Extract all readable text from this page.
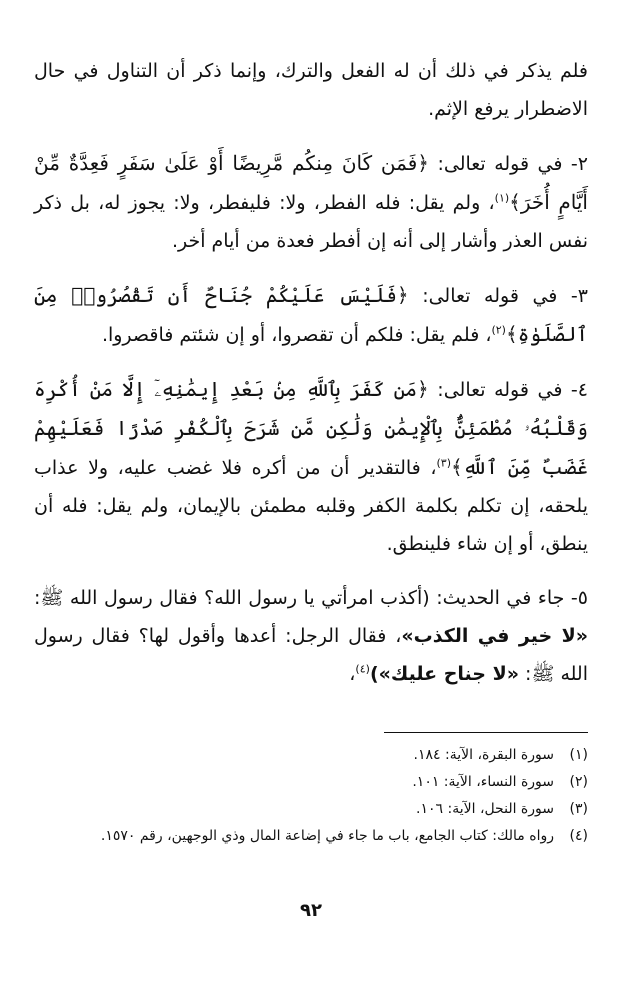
فلم يذكر في ذلك أن له الفعل والترك، وإنما ذكر أن التناول في حال الاضطرار يرفع الإثم.

٢- في قوله تعالى: ﴿فَمَن كَانَ مِنكُم مَّرِيضًا أَوْ عَلَىٰ سَفَرٍ فَعِدَّةٌ مِّنْ أَيَّامٍ أُخَرَ﴾$^{(١)}$، ولم يقل: فله الفطر، ولا: فليفطر، ولا: يجوز له، بل ذكر نفس العذر وأشار إلى أنه إن أفطر فعدة من أيام أخر.

٣- في قوله تعالى: ﴿فَلَيْسَ عَلَيْكُمْ جُنَاحٌ أَن تَقْصُرُوا۟ مِنَ ٱلصَّلَوٰةِ﴾$^{(٢)}$، فلم يقل: فلكم أن تقصروا، أو إن شئتم فاقصروا.

٤- في قوله تعالى: ﴿مَن كَفَرَ بِٱللَّهِ مِنۢ بَعْدِ إِيمَٰنِهِۦٓ إِلَّا مَنْ أُكْرِهَ وَقَلْبُهُۥ مُطْمَئِنٌّۢ بِٱلْإِيمَٰنِ وَلَٰكِن مَّن شَرَحَ بِٱلْكُفْرِ صَدْرًا فَعَلَيْهِمْ غَضَبٌ مِّنَ ٱللَّهِ﴾$^{(٣)}$، فالتقدير أن من أكره فلا غضب عليه، ولا عذاب يلحقه، إن تكلم بكلمة الكفر وقلبه مطمئن بالإيمان، ولم يقل: فله أن ينطق، أو إن شاء فلينطق.

٥- جاء في الحديث: (أكذب امرأتي يا رسول الله؟ فقال رسول الله ﷺ: «لا خير في الكذب»، فقال الرجل: أعدها وأقول لها؟ فقال رسول الله ﷺ: «لا جناح عليك»)$^{(٤)}$،

(١)
سورة البقرة، الآية: ١٨٤.
(٢)
سورة النساء، الآية: ١٠١.
(٣)
سورة النحل، الآية: ١٠٦.
(٤)
رواه مالك: كتاب الجامع، باب ما جاء في إضاعة المال وذي الوجهين، رقم ١٥٧٠.
٩٢
